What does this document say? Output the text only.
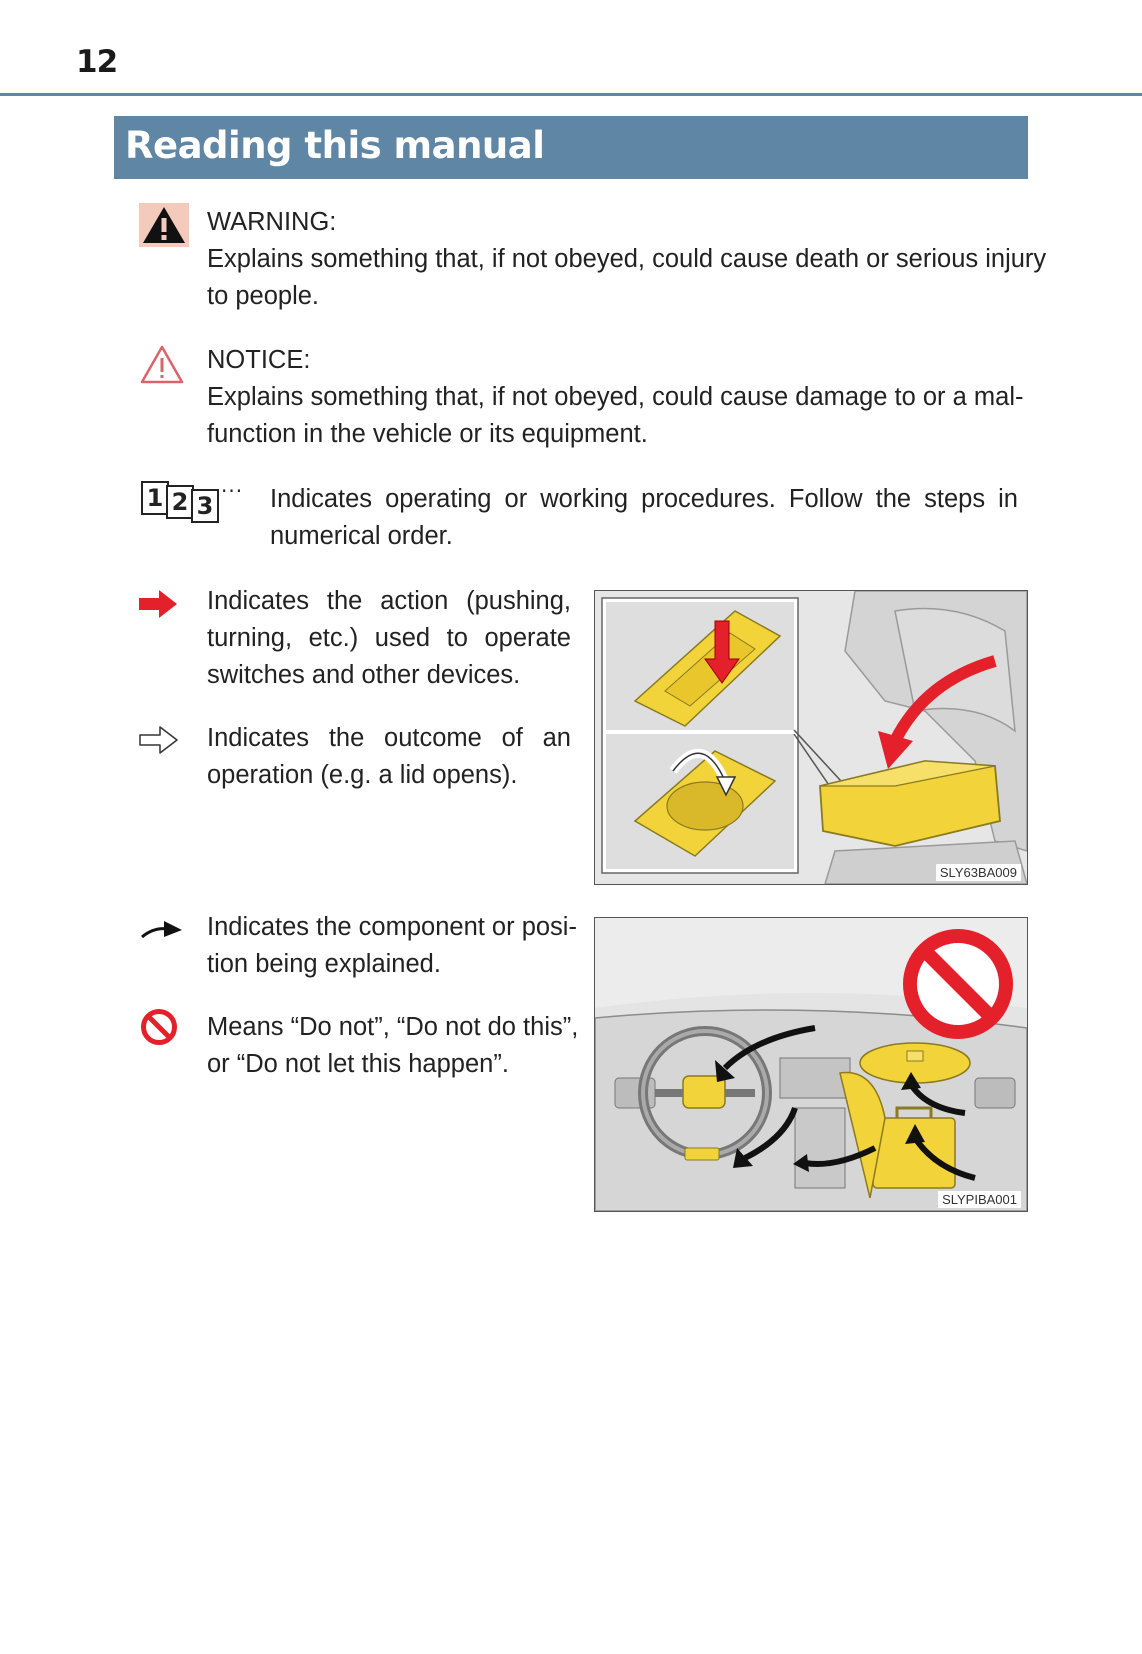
12
Reading this manual
WARNING:
Explains something that, if not obeyed, could cause death or serious injury
to people.
NOTICE:
Explains something that, if not obeyed, could cause damage to or a mal-
function in the vehicle or its equipment.
1 2 3
··· Indicates operating or working procedures. Follow the steps in
numerical order.
Indicates the action (pushing,
turning, etc.) used to operate
switches and other devices.
Indicates the outcome of an
operation (e.g. a lid opens).
SLY63BA009
Indicates the component or posi-
tion being explained.
Means “Do not”, “Do not do this”,
or “Do not let this happen”.
SLYPIBA001
